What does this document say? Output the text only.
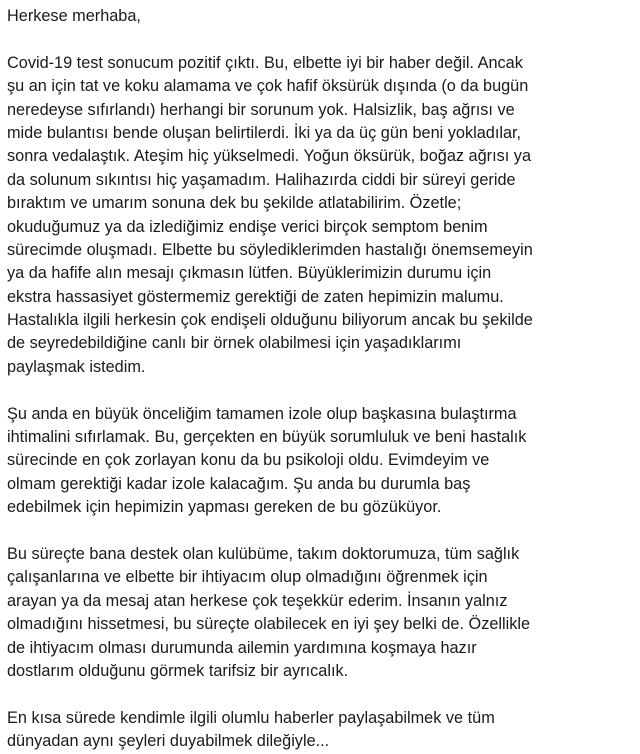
Herkese merhaba,
Covid-19 test sonucum pozitif çıktı. Bu, elbette iyi bir haber değil. Ancak
şu an için tat ve koku alamama ve çok hafif öksürük dışında (o da bugün
neredeyse sıfırlandı) herhangi bir sorunum yok. Halsizlik, baş ağrısı ve
mide bulantısı bende oluşan belirtilerdi. İki ya da üç gün beni yokladılar,
sonra vedalaştık. Ateşim hiç yükselmedi. Yoğun öksürük, boğaz ağrısı ya
da solunum sıkıntısı hiç yaşamadım. Halihazırda ciddi bir süreyi geride
bıraktım ve umarım sonuna dek bu şekilde atlatabilirim. Özetle;
okuduğumuz ya da izlediğimiz endişe verici birçok semptom benim
sürecimde oluşmadı. Elbette bu söylediklerimden hastalığı önemsemeyin
ya da hafife alın mesajı çıkmasın lütfen. Büyüklerimizin durumu için
ekstra hassasiyet göstermemiz gerektiği de zaten hepimizin malumu.
Hastalıkla ilgili herkesin çok endişeli olduğunu biliyorum ancak bu şekilde
de seyredebildiğine canlı bir örnek olabilmesi için yaşadıklarımı
paylaşmak istedim.
Şu anda en büyük önceliğim tamamen izole olup başkasına bulaştırma
ihtimalini sıfırlamak. Bu, gerçekten en büyük sorumluluk ve beni hastalık
sürecinde en çok zorlayan konu da bu psikoloji oldu. Evimdeyim ve
olmam gerektiği kadar izole kalacağım. Şu anda bu durumla baş
edebilmek için hepimizin yapması gereken de bu gözüküyor.
Bu süreçte bana destek olan kulübüme, takım doktorumuza, tüm sağlık
çalışanlarına ve elbette bir ihtiyacım olup olmadığını öğrenmek için
arayan ya da mesaj atan herkese çok teşekkür ederim. İnsanın yalnız
olmadığını hissetmesi, bu süreçte olabilecek en iyi şey belki de. Özellikle
de ihtiyacım olması durumunda ailemin yardımına koşmaya hazır
dostlarım olduğunu görmek tarifsiz bir ayrıcalık.
En kısa sürede kendimle ilgili olumlu haberler paylaşabilmek ve tüm
dünyadan aynı şeyleri duyabilmek dileğiyle...
